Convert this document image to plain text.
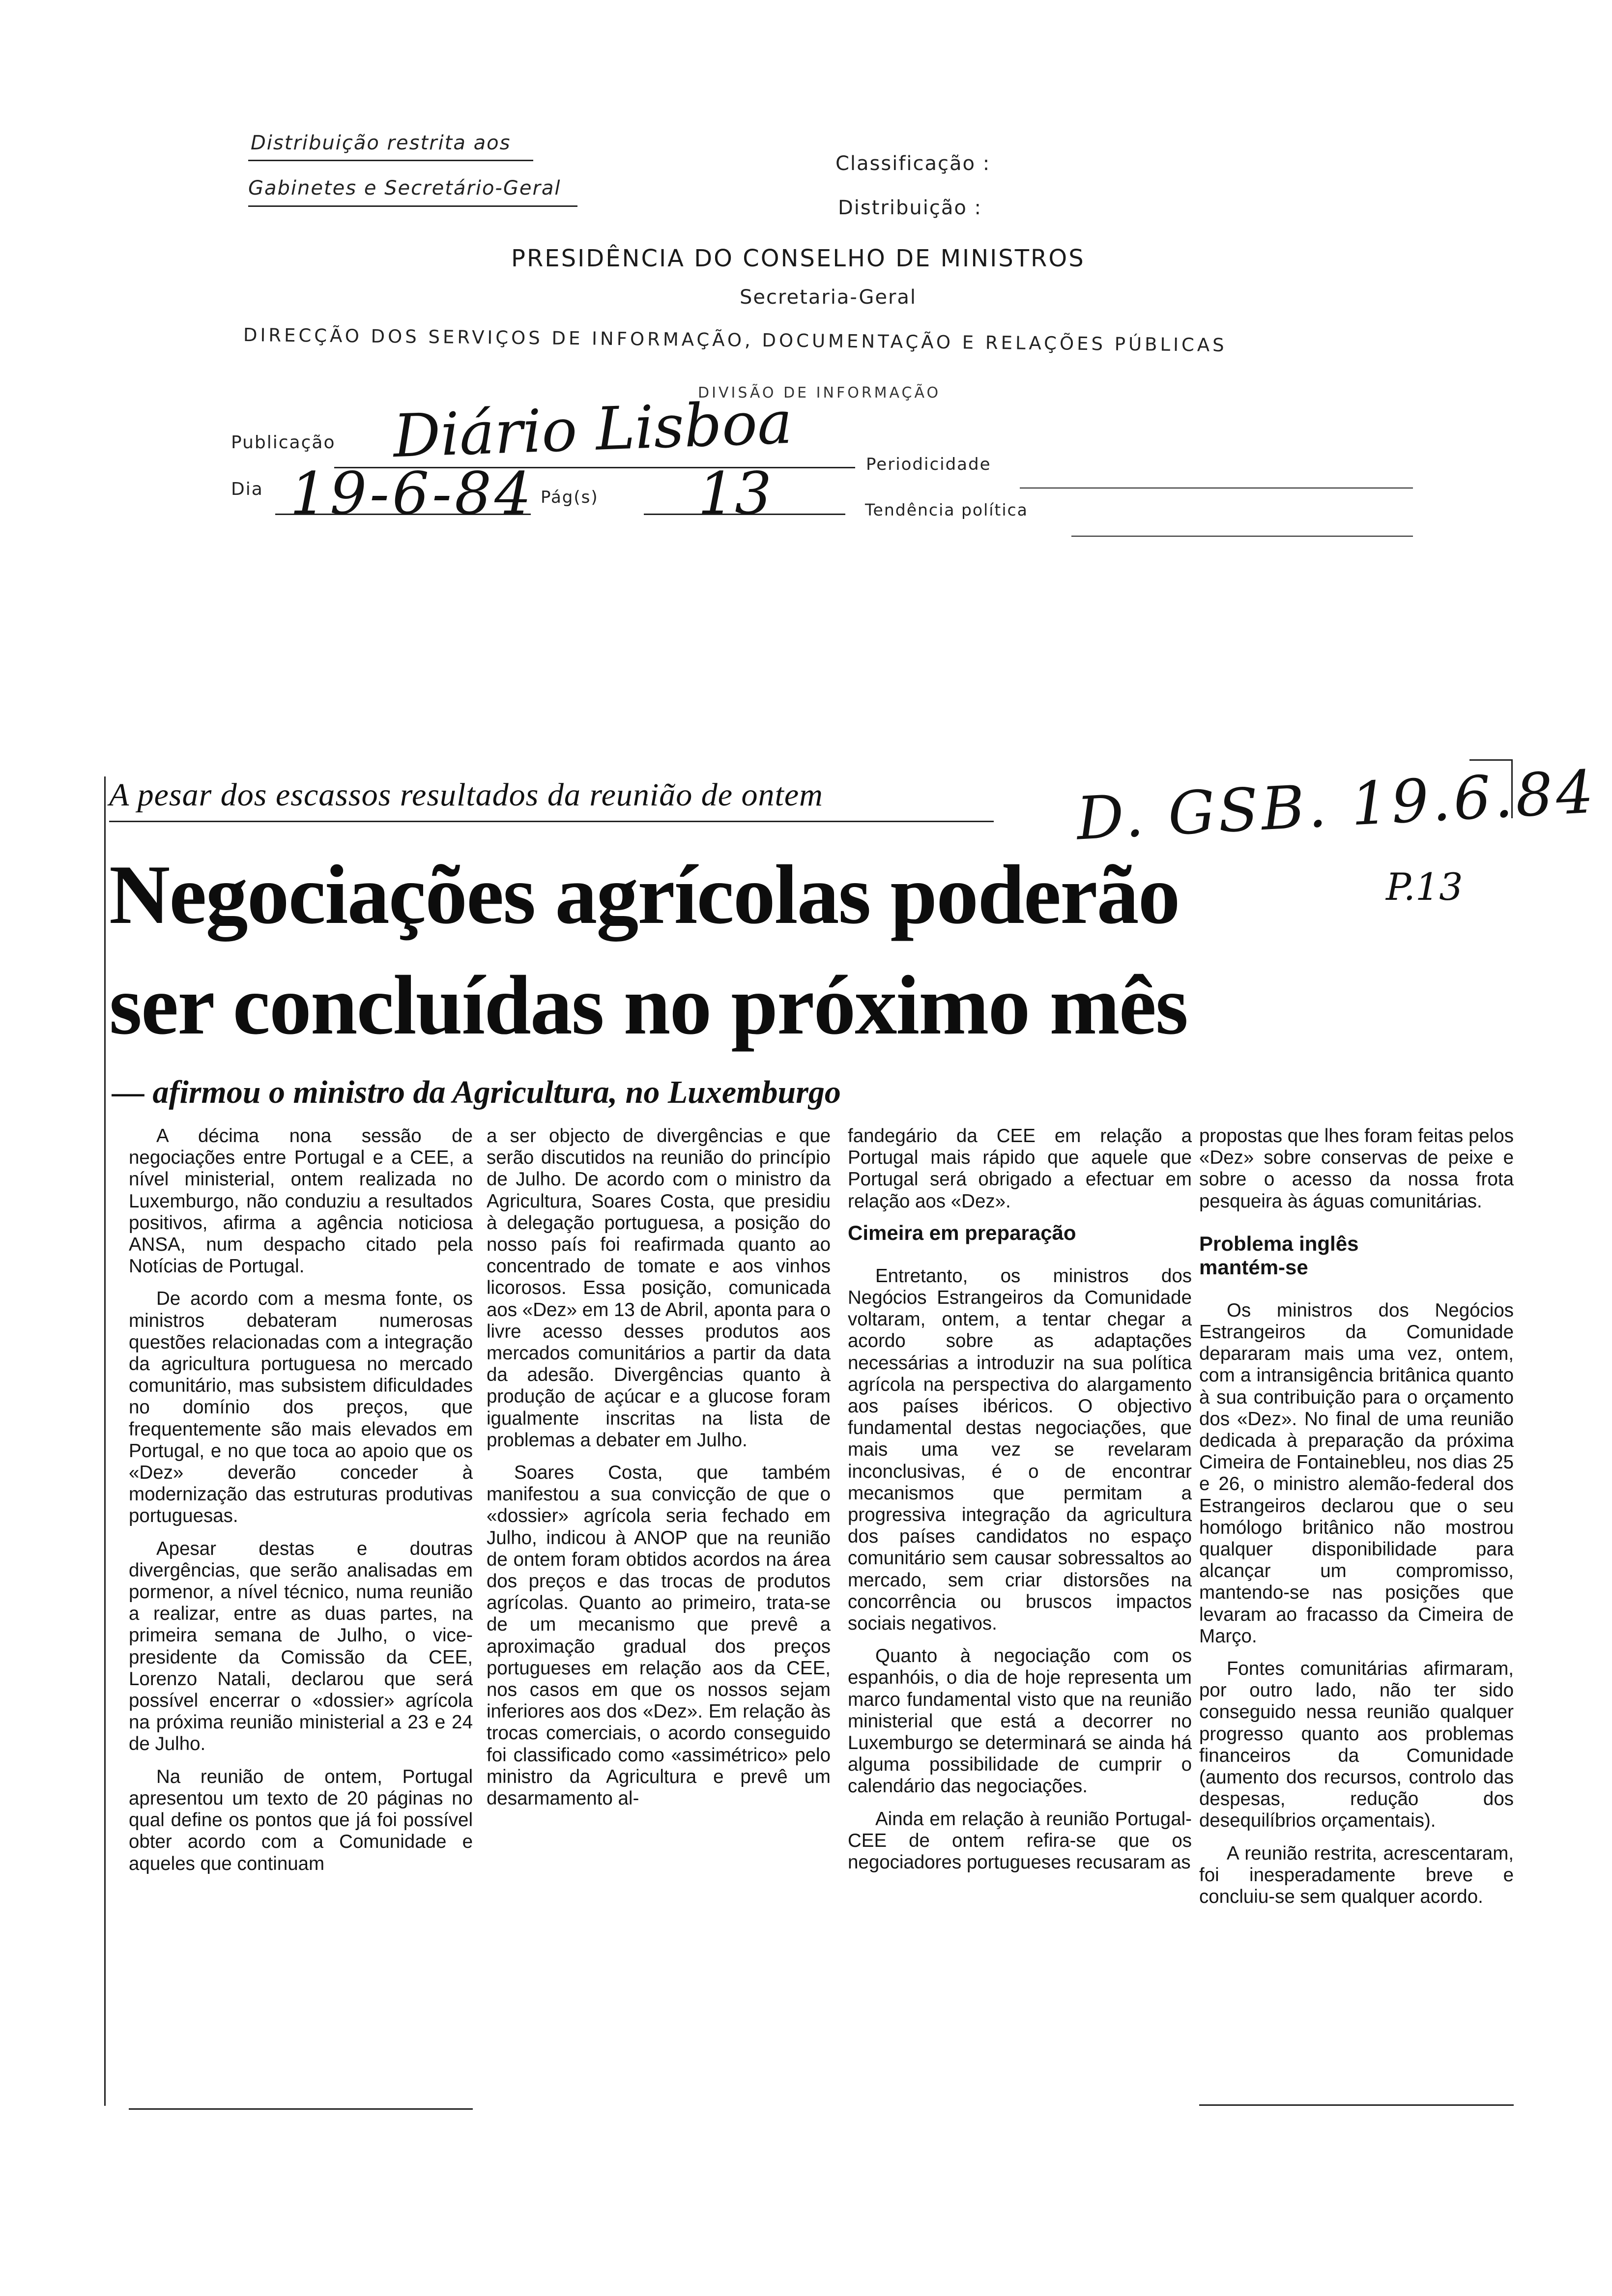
Distribuição restrita aos
Gabinetes e Secretário-Geral
Classificação :
Distribuição :
PRESIDÊNCIA DO CONSELHO DE MINISTROS
Secretaria-Geral
DIRECÇÃO DOS SERVIÇOS DE INFORMAÇÃO, DOCUMENTAÇÃO E RELAÇÕES PÚBLICAS
DIVISÃO DE INFORMAÇÃO
Publicação Diário Lisboa	Periodicidade
Dia 19-6-84 Pág(s) 13	Tendência política
A pesar dos escassos resultados da reunião de ontem	D. GSB. 19.6.84
P.13
Negociações agrícolas poderão
ser concluídas no próximo mês
— afirmou o ministro da Agricultura, no Luxemburgo

A décima nona sessão de negociações entre Portugal e a CEE, a nível ministerial, ontem realizada no Luxemburgo, não conduziu a resultados positivos, afirma a agência noticiosa ANSA, num despacho citado pela Notícias de Portugal.

De acordo com a mesma fonte, os ministros debateram numerosas questões relacionadas com a integração da agricultura portuguesa no mercado comunitário, mas subsistem dificuldades no domínio dos preços, que frequentemente são mais elevados em Portugal, e no que toca ao apoio que os «Dez» deverão conceder à modernização das estruturas produtivas portuguesas.

Apesar destas e doutras divergências, que serão analisadas em pormenor, a nível técnico, numa reunião a realizar, entre as duas partes, na primeira semana de Julho, o vice-presidente da Comissão da CEE, Lorenzo Natali, declarou que será possível encerrar o «dossier» agrícola na próxima reunião ministerial a 23 e 24 de Julho.

Na reunião de ontem, Portugal apresentou um texto de 20 páginas no qual define os pontos que já foi possível obter acordo com a Comunidade e aqueles que continuam

a ser objecto de divergências e que serão discutidos na reunião do princípio de Julho. De acordo com o ministro da Agricultura, Soares Costa, que presidiu à delegação portuguesa, a posição do nosso país foi reafirmada quanto ao concentrado de tomate e aos vinhos licorosos. Essa posição, comunicada aos «Dez» em 13 de Abril, aponta para o livre acesso desses produtos aos mercados comunitários a partir da data da adesão. Divergências quanto à produção de açúcar e a glucose foram igualmente inscritas na lista de problemas a debater em Julho.

Soares Costa, que também manifestou a sua convicção de que o «dossier» agrícola seria fechado em Julho, indicou à ANOP que na reunião de ontem foram obtidos acordos na área dos preços e das trocas de produtos agrícolas. Quanto ao primeiro, trata-se de um mecanismo que prevê a aproximação gradual dos preços portugueses em relação aos da CEE, nos casos em que os nossos sejam inferiores aos dos «Dez». Em relação às trocas comerciais, o acordo conseguido foi classificado como «assimétrico» pelo ministro da Agricultura e prevê um desarmamento al-

fandegário da CEE em relação a Portugal mais rápido que aquele que Portugal será obrigado a efectuar em relação aos «Dez».

Cimeira em preparação

Entretanto, os ministros dos Negócios Estrangeiros da Comunidade voltaram, ontem, a tentar chegar a acordo sobre as adaptações necessárias a introduzir na sua política agrícola na perspectiva do alargamento aos países ibéricos. O objectivo fundamental destas negociações, que mais uma vez se revelaram inconclusivas, é o de encontrar mecanismos que permitam a progressiva integração da agricultura dos países candidatos no espaço comunitário sem causar sobressaltos ao mercado, sem criar distorsões na concorrência ou bruscos impactos sociais negativos.

Quanto à negociação com os espanhóis, o dia de hoje representa um marco fundamental visto que na reunião ministerial que está a decorrer no Luxemburgo se determinará se ainda há alguma possibilidade de cumprir o calendário das negociações.

Ainda em relação à reunião Portugal-CEE de ontem refira-se que os negociadores portugueses recusaram as

propostas que lhes foram feitas pelos «Dez» sobre conservas de peixe e sobre o acesso da nossa frota pesqueira às águas comunitárias.

Problema inglês
mantém-se

Os ministros dos Negócios Estrangeiros da Comunidade depararam mais uma vez, ontem, com a intransigência britânica quanto à sua contribuição para o orçamento dos «Dez». No final de uma reunião dedicada à preparação da próxima Cimeira de Fontainebleu, nos dias 25 e 26, o ministro alemão-federal dos Estrangeiros declarou que o seu homólogo britânico não mostrou qualquer disponibilidade para alcançar um compromisso, mantendo-se nas posições que levaram ao fracasso da Cimeira de Março.

Fontes comunitárias afirmaram, por outro lado, não ter sido conseguido nessa reunião qualquer progresso quanto aos problemas financeiros da Comunidade (aumento dos recursos, controlo das despesas, redução dos desequilíbrios orçamentais).

A reunião restrita, acrescentaram, foi inesperadamente breve e concluiu-se sem qualquer acordo.
